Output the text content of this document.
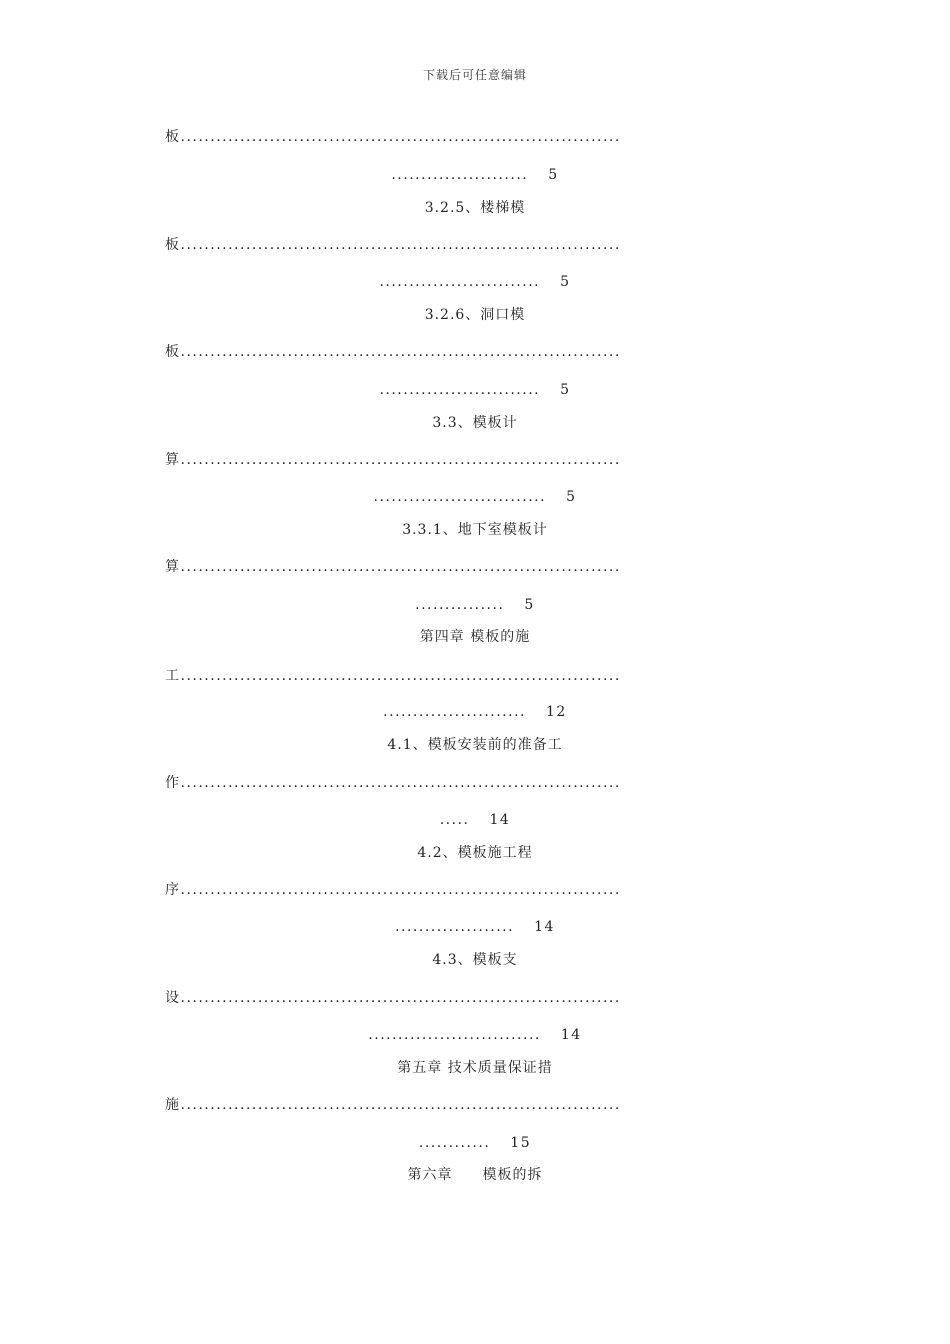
下载后可任意编辑
板..........................................................................
....................... 5
3.2.5、楼梯模
板..........................................................................
........................... 5
3.2.6、洞口模
板..........................................................................
........................... 5
3.3、模板计
算..........................................................................
............................. 5
3.3.1、地下室模板计
算..........................................................................
............... 5
第四章 模板的施
工..........................................................................
........................ 12
4.1、模板安装前的准备工
作..........................................................................
..... 14
4.2、模板施工程
序..........................................................................
.................... 14
4.3、模板支
设..........................................................................
............................. 14
第五章 技术质量保证措
施..........................................................................
............ 15
第六章　　模板的拆
